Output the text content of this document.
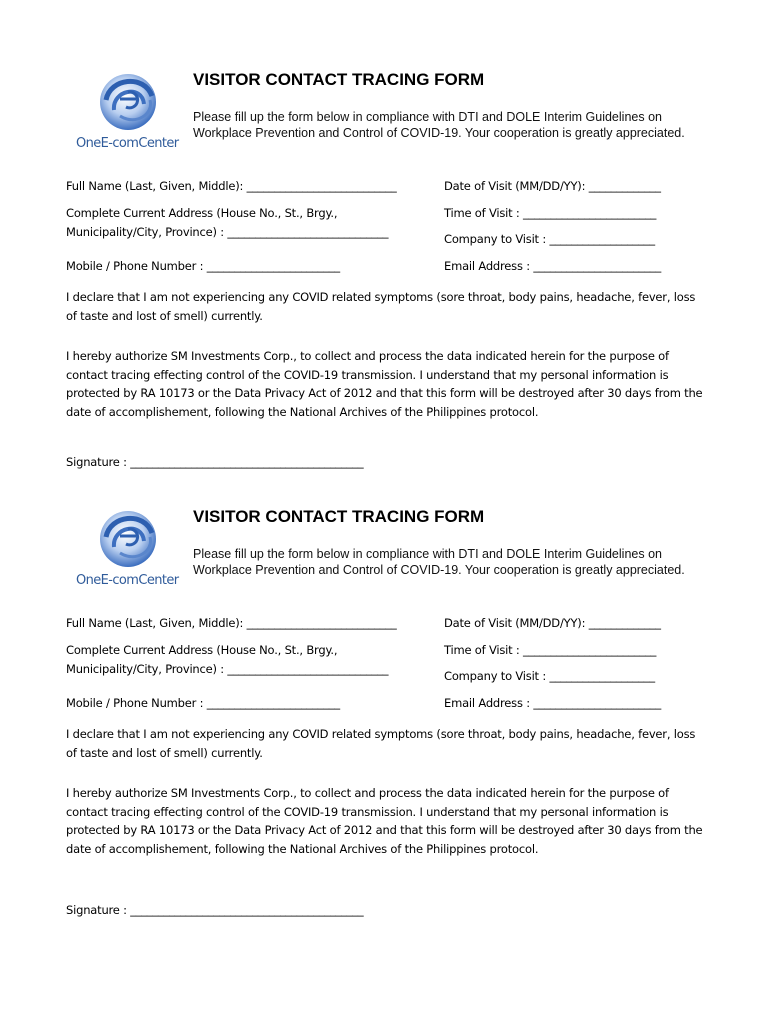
OneE-comCenter
VISITOR CONTACT TRACING FORM
Please fill up the form below in compliance with DTI and DOLE Interim Guidelines on Workplace Prevention and Control of COVID-19. Your cooperation is greatly appreciated.
Full Name (Last, Given, Middle): ___________________________	Date of Visit (MM/DD/YY): _____________
Complete Current Address (House No., St., Brgy.,
Municipality/City, Province) : _____________________________
Time of Visit : ________________________
Company to Visit : ___________________
Mobile / Phone Number : ________________________	Email Address : _______________________
I declare that I am not experiencing any COVID related symptoms (sore throat, body pains, headache, fever, loss of taste and lost of smell) currently.
I hereby authorize SM Investments Corp., to collect and process the data indicated herein for the purpose of contact tracing effecting control of the COVID-19 transmission. I understand that my personal information is protected by RA 10173 or the Data Privacy Act of 2012 and that this form will be destroyed after 30 days from the date of accomplishement, following the National Archives of the Philippines protocol.
Signature : __________________________________________
OneE-comCenter
VISITOR CONTACT TRACING FORM
Please fill up the form below in compliance with DTI and DOLE Interim Guidelines on Workplace Prevention and Control of COVID-19. Your cooperation is greatly appreciated.
Full Name (Last, Given, Middle): ___________________________	Date of Visit (MM/DD/YY): _____________
Complete Current Address (House No., St., Brgy.,
Municipality/City, Province) : _____________________________
Time of Visit : ________________________
Company to Visit : ___________________
Mobile / Phone Number : ________________________	Email Address : _______________________
I declare that I am not experiencing any COVID related symptoms (sore throat, body pains, headache, fever, loss of taste and lost of smell) currently.
I hereby authorize SM Investments Corp., to collect and process the data indicated herein for the purpose of contact tracing effecting control of the COVID-19 transmission. I understand that my personal information is protected by RA 10173 or the Data Privacy Act of 2012 and that this form will be destroyed after 30 days from the date of accomplishement, following the National Archives of the Philippines protocol.
Signature : __________________________________________
